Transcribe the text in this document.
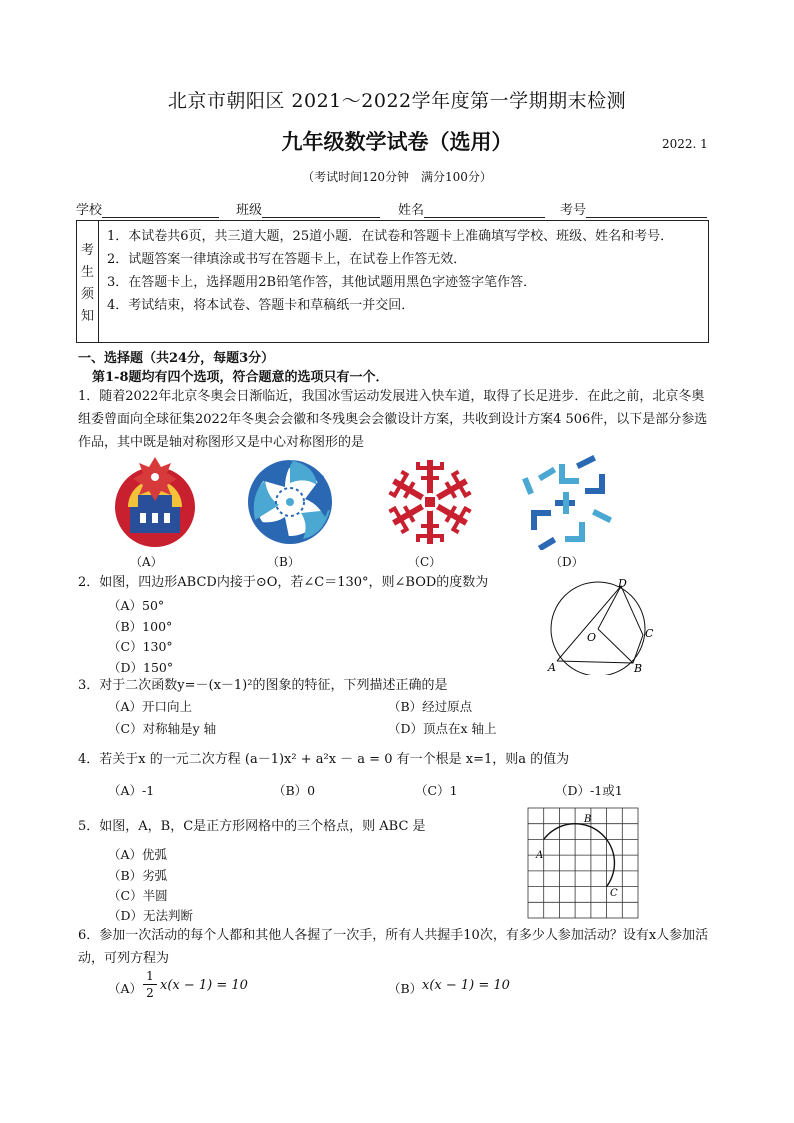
北京市朝阳区 2021～2022学年度第一学期期末检测
九年级数学试卷（选用）	2022. 1
（考试时间120分钟　满分100分）
学校	班级	姓名	考号
考
生
须
知
1．本试卷共6页，共三道大题，25道小题．在试卷和答题卡上准确填写学校、班级、姓名和考号．
2．试题答案一律填涂或书写在答题卡上，在试卷上作答无效．
3．在答题卡上，选择题用2B铅笔作答，其他试题用黑色字迹签字笔作答．
4．考试结束，将本试卷、答题卡和草稿纸一并交回．
一、选择题（共24分，每题3分）
第1-8题均有四个选项，符合题意的选项只有一个．
1．随着2022年北京冬奥会日渐临近，我国冰雪运动发展进入快车道，取得了长足进步．在此之前，北京冬奥组委曾面向全球征集2022年冬奥会会徽和冬残奥会会徽设计方案，共收到设计方案4 506件，以下是部分参选作品，其中既是轴对称图形又是中心对称图形的是
（A）	（B）	（C）	（D）
2．如图，四边形ABCD内接于⊙O，若∠C＝130°，则∠BOD的度数为
（A）50°
（B）100°
（C）130°
（D）150°
D
C
B
A
O
3．对于二次函数y=－(x－1)²的图象的特征，下列描述正确的是
（A）开口向上	（B）经过原点
（C）对称轴是y 轴	（D）顶点在x 轴上
4．若关于x 的一元二次方程 (a－1)x² + a²x － a = 0 有一个根是 x=1，则a 的值为
（A）-1	（B）0	（C）1	（D）-1或1
5．如图，A，B，C是正方形网格中的三个格点，则 ABC 是
（A）优弧
（B）劣弧
（C）半圆
（D）无法判断
A
B
C
6．参加一次活动的每个人都和其他人各握了一次手，所有人共握手10次，有多少人参加活动？设有x人参加活动，可列方程为
$(A) \frac{1}{2} x(x - 1) = 10$	（B） x(x − 1) = 10
